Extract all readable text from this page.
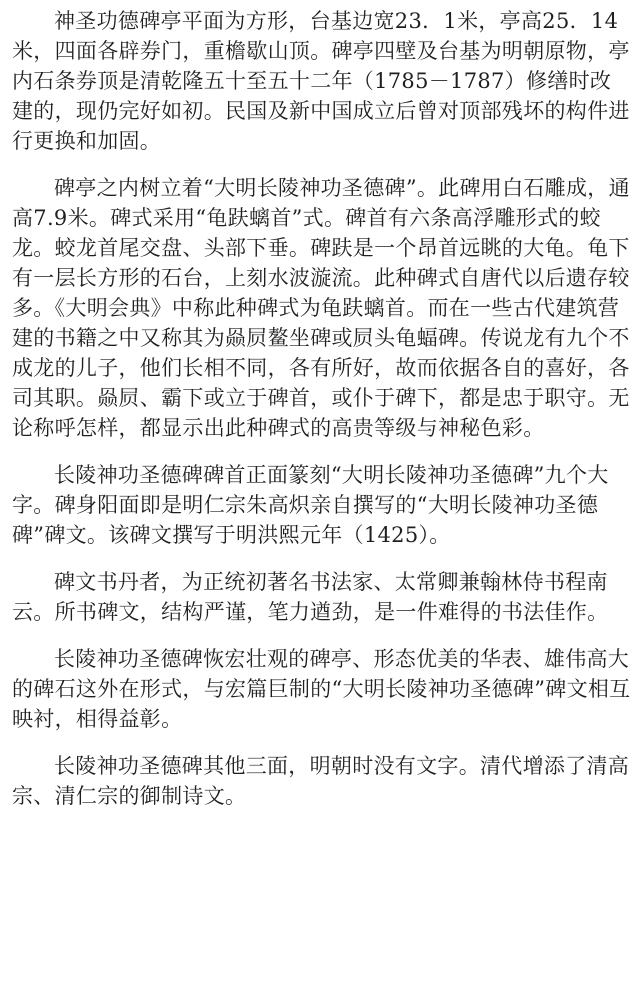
神圣功德碑亭平面为方形，台基边宽23．1米，亭高25．14米，四面各辟券门，重檐歇山顶。碑亭四壁及台基为明朝原物，亭内石条券顶是清乾隆五十至五十二年（1785－1787）修缮时改建的，现仍完好如初。民国及新中国成立后曾对顶部残坏的构件进行更换和加固。

碑亭之内树立着“大明长陵神功圣德碑”。此碑用白石雕成，通高7.9米。碑式采用“龟趺螭首”式。碑首有六条高浮雕形式的蛟龙。蛟龙首尾交盘、头部下垂。碑趺是一个昂首远眺的大龟。龟下有一层长方形的石台，上刻水波漩流。此种碑式自唐代以后遗存较多。《大明会典》中称此种碑式为龟趺螭首。而在一些古代建筑营建的书籍之中又称其为赑屃鳌坐碑或屃头龟蝠碑。传说龙有九个不成龙的儿子，他们长相不同，各有所好，故而依据各自的喜好，各司其职。赑屃、霸下或立于碑首，或仆于碑下，都是忠于职守。无论称呼怎样，都显示出此种碑式的高贵等级与神秘色彩。

长陵神功圣德碑碑首正面篆刻“大明长陵神功圣德碑”九个大字。碑身阳面即是明仁宗朱高炽亲自撰写的“大明长陵神功圣德碑”碑文。该碑文撰写于明洪熙元年（1425）。

碑文书丹者，为正统初著名书法家、太常卿兼翰林侍书程南云。所书碑文，结构严谨，笔力遒劲，是一件难得的书法佳作。

长陵神功圣德碑恢宏壮观的碑亭、形态优美的华表、雄伟高大的碑石这外在形式，与宏篇巨制的“大明长陵神功圣德碑”碑文相互映衬，相得益彰。

长陵神功圣德碑其他三面，明朝时没有文字。清代增添了清高宗、清仁宗的御制诗文。
